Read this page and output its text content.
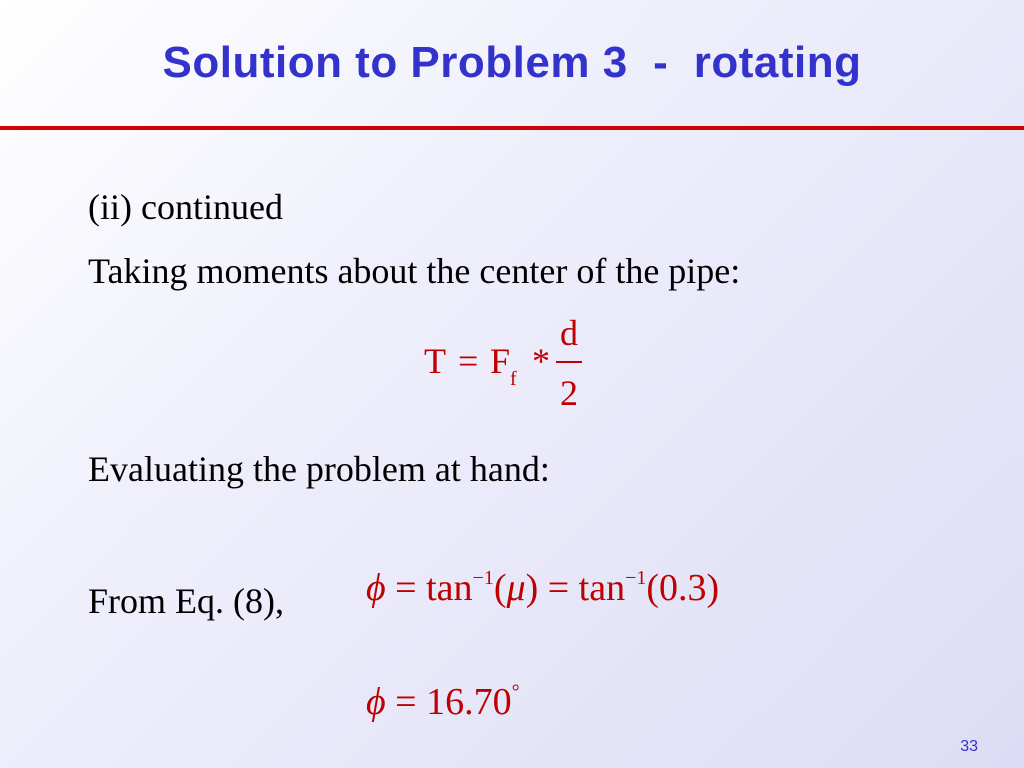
Solution to Problem 3  -  rotating
(ii) continued
Taking moments about the center of the pipe:
$T = F_f$ *
d
2
Evaluating the problem at hand:
From Eq. (8), $\phi = \tan^{-1}(\mu) = \tan^{-1}(0.3)$
ϕ = 16.70°
33
